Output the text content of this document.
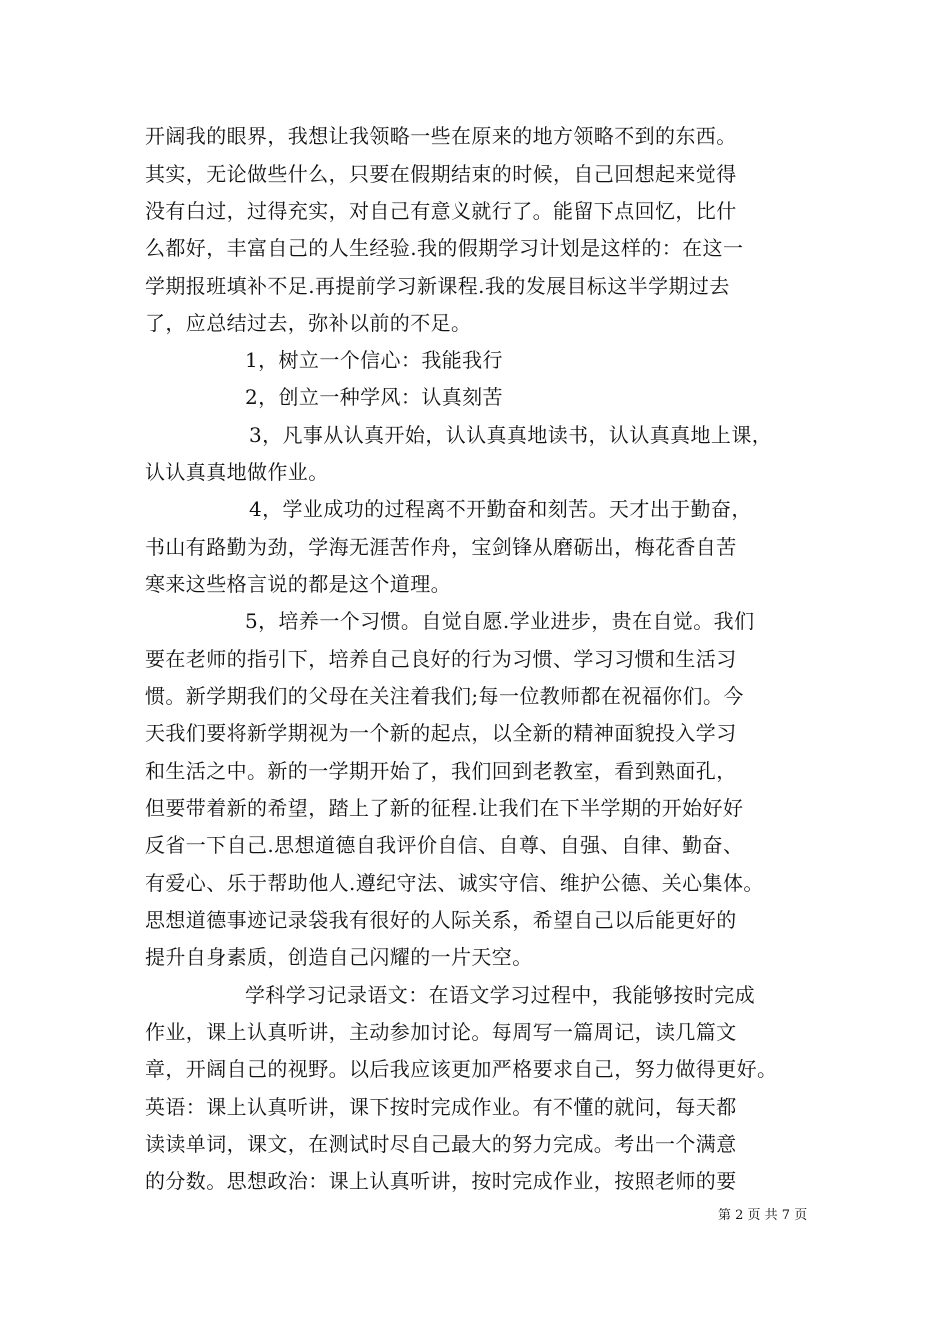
开阔我的眼界，我想让我领略一些在原来的地方领略不到的东西。
其实，无论做些什么，只要在假期结束的时候，自己回想起来觉得
没有白过，过得充实，对自己有意义就行了。能留下点回忆，比什
么都好，丰富自己的人生经验.我的假期学习计划是这样的：在这一
学期报班填补不足.再提前学习新课程.我的发展目标这半学期过去
了，应总结过去，弥补以前的不足。
1，树立一个信心：我能我行
2，创立一种学风：认真刻苦
3，凡事从认真开始，认认真真地读书，认认真真地上课，
认认真真地做作业。
4，学业成功的过程离不开勤奋和刻苦。天才出于勤奋，
书山有路勤为劲，学海无涯苦作舟，宝剑锋从磨砺出，梅花香自苦
寒来这些格言说的都是这个道理。
5，培养一个习惯。自觉自愿.学业进步，贵在自觉。我们
要在老师的指引下，培养自己良好的行为习惯、学习习惯和生活习
惯。新学期我们的父母在关注着我们;每一位教师都在祝福你们。今
天我们要将新学期视为一个新的起点，以全新的精神面貌投入学习
和生活之中。新的一学期开始了，我们回到老教室，看到熟面孔，
但要带着新的希望，踏上了新的征程.让我们在下半学期的开始好好
反省一下自己.思想道德自我评价自信、自尊、自强、自律、勤奋、
有爱心、乐于帮助他人.遵纪守法、诚实守信、维护公德、关心集体。
思想道德事迹记录袋我有很好的人际关系，希望自己以后能更好的
提升自身素质，创造自己闪耀的一片天空。
学科学习记录语文：在语文学习过程中，我能够按时完成
作业，课上认真听讲，主动参加讨论。每周写一篇周记，读几篇文
章，开阔自己的视野。以后我应该更加严格要求自己，努力做得更好。
英语：课上认真听讲，课下按时完成作业。有不懂的就问，每天都
读读单词，课文，在测试时尽自己最大的努力完成。考出一个满意
的分数。思想政治：课上认真听讲，按时完成作业，按照老师的要
第 2 页 共 7 页
